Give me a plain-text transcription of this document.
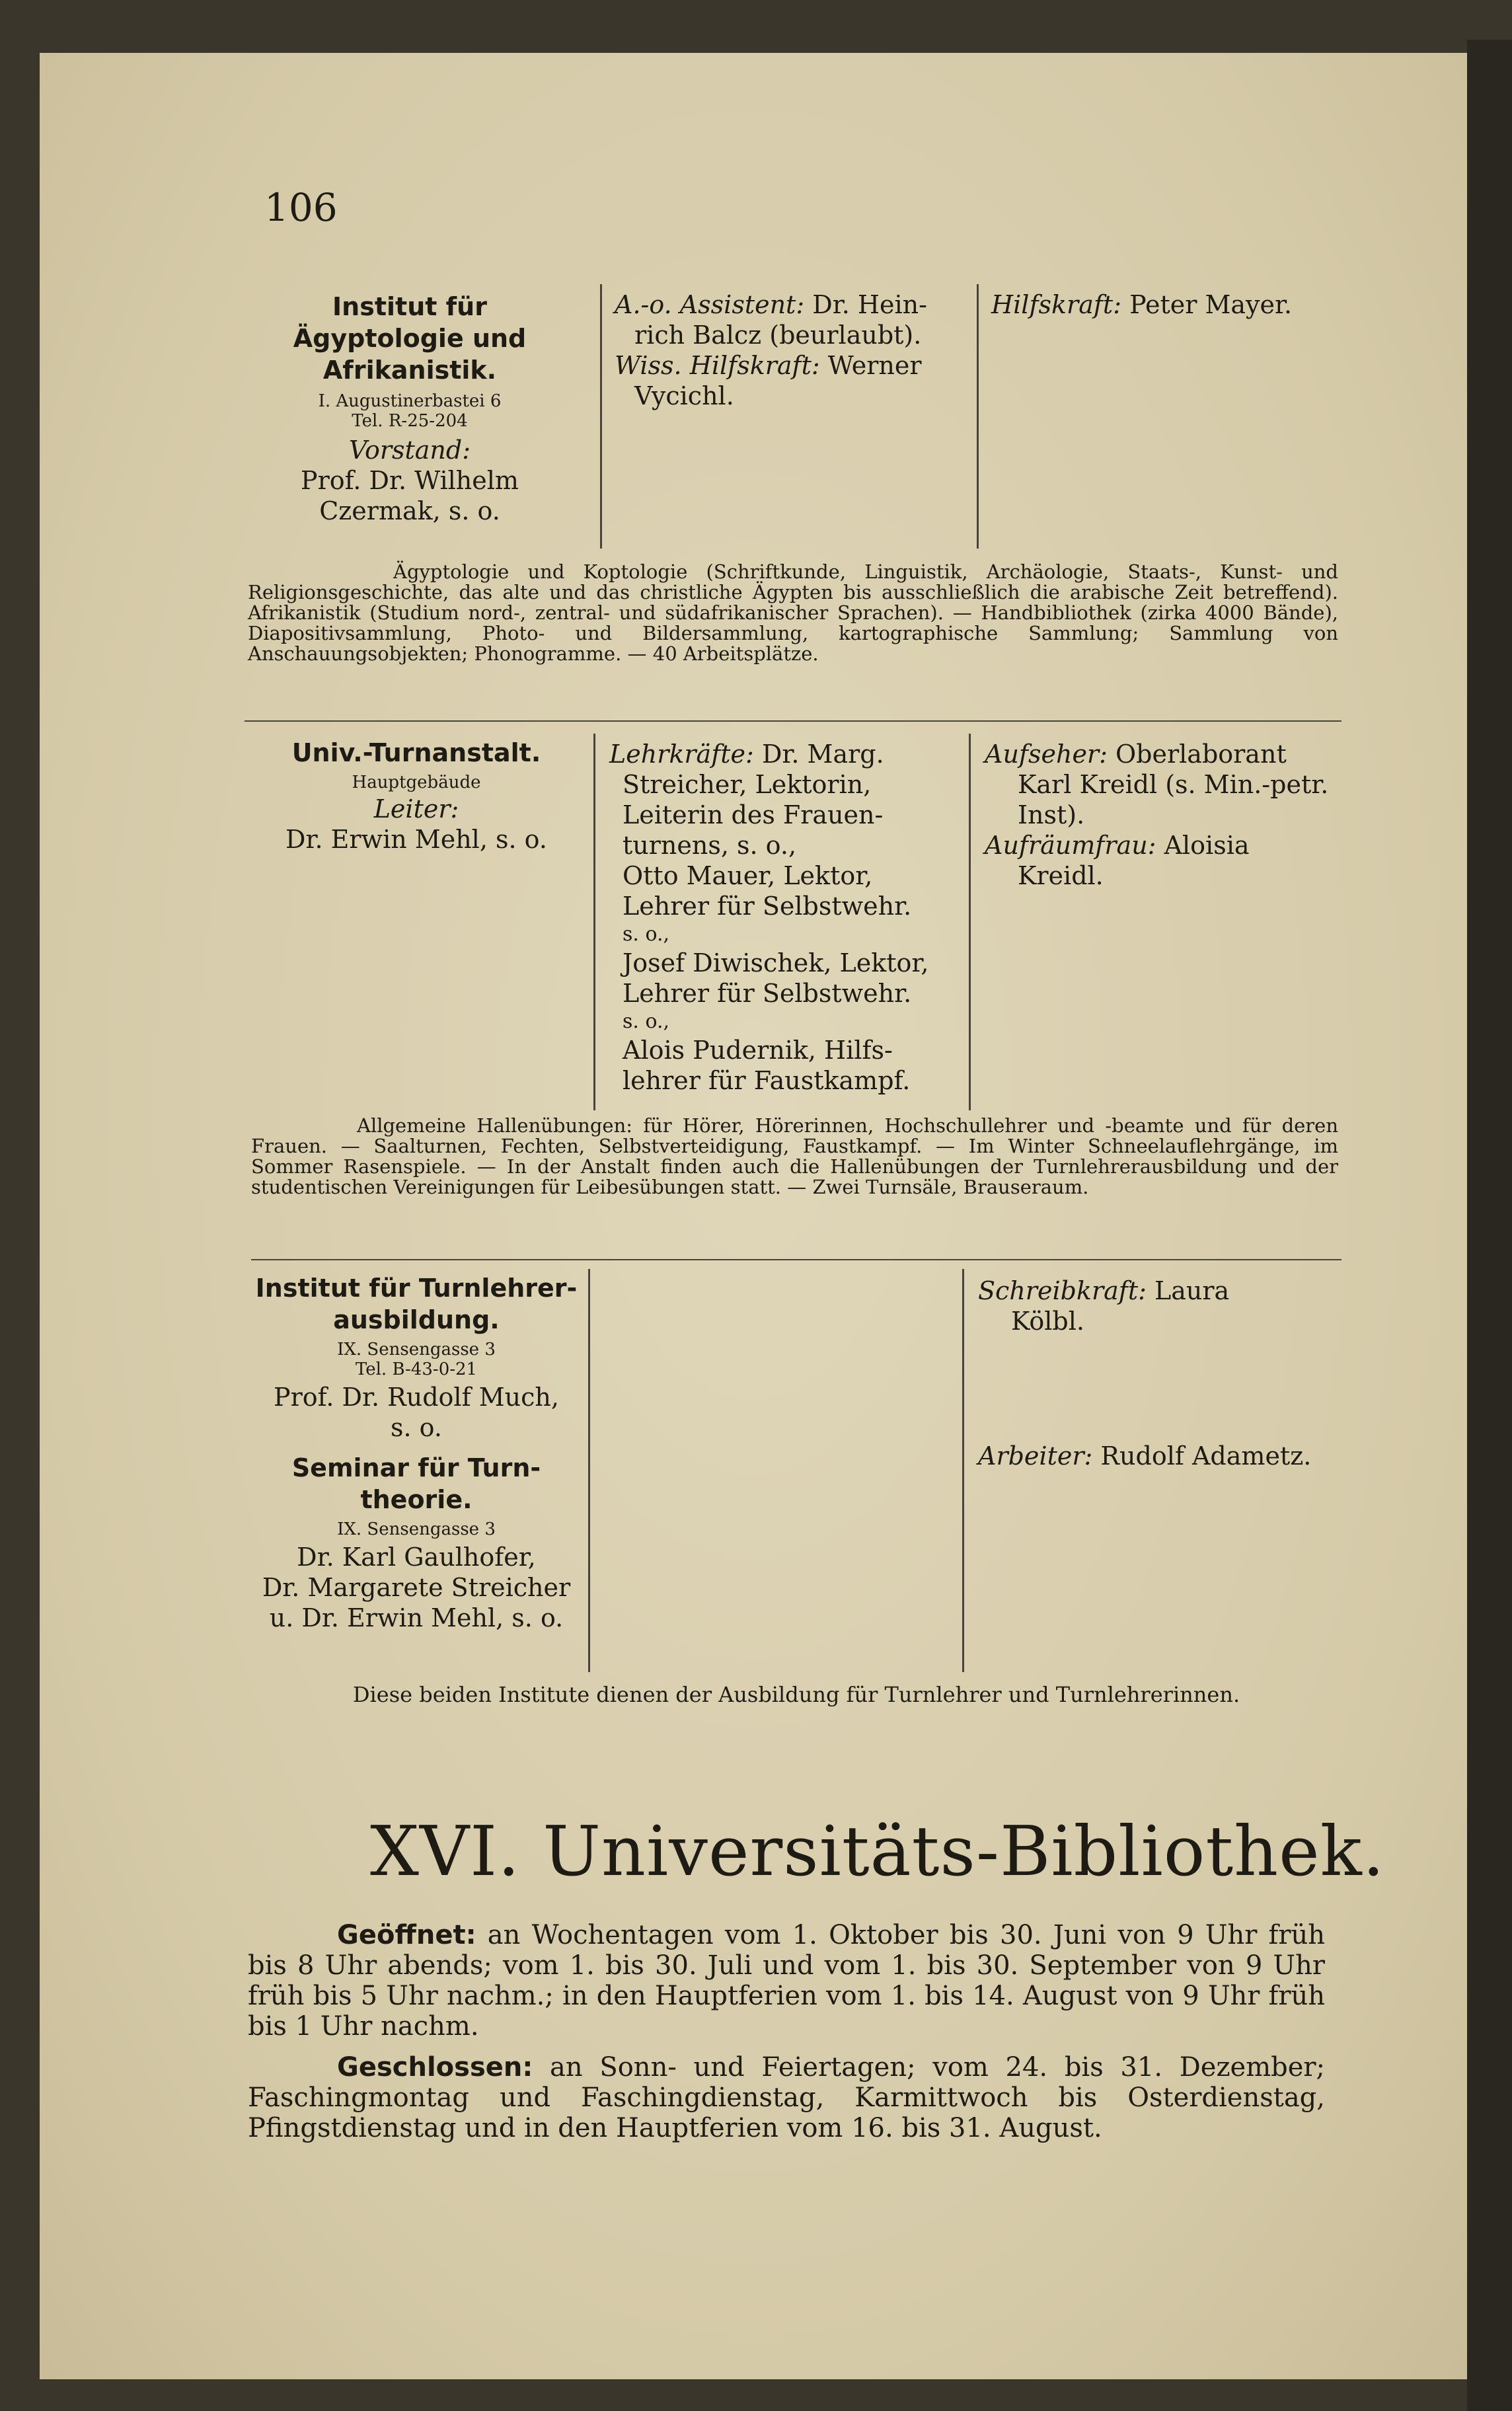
106
Institut für
Ägyptologie und
Afrikanistik.
I. Augustinerbastei 6
Tel. R-25-204
Vorstand:
Prof. Dr. Wilhelm
Czermak, s. o.
A.-o. Assistent: Dr. Hein-
rich Balcz (beurlaubt).
Wiss. Hilfskraft: Werner
Vycichl.
Hilfskraft: Peter Mayer.
Ägyptologie und Koptologie (Schriftkunde, Linguistik, Archäologie, Staats-, Kunst- und Religionsgeschichte, das alte und das christliche Ägypten bis ausschließlich die arabische Zeit betreffend). Afrikanistik (Studium nord-, zentral- und südafrikanischer Sprachen). — Handbibliothek (zirka 4000 Bände), Diapositivsammlung, Photo- und Bildersammlung, kartographische Sammlung; Sammlung von Anschauungsobjekten; Phonogramme. — 40 Arbeitsplätze.
Univ.-Turnanstalt.
Hauptgebäude
Leiter:
Dr. Erwin Mehl, s. o.
Lehrkräfte: Dr. Marg.
Streicher, Lektorin,
Leiterin des Frauen-
turnens, s. o.,
Otto Mauer, Lektor,
Lehrer für Selbstwehr.
s. o.,
Josef Diwischek, Lektor,
Lehrer für Selbstwehr.
s. o.,
Alois Pudernik, Hilfs-
lehrer für Faustkampf.
Aufseher: Oberlaborant
Karl Kreidl (s. Min.-petr.
Inst).
Aufräumfrau: Aloisia
Kreidl.
Allgemeine Hallenübungen: für Hörer, Hörerinnen, Hochschullehrer und -beamte und für deren Frauen. — Saalturnen, Fechten, Selbstverteidigung, Faustkampf. — Im Winter Schneelauflehrgänge, im Sommer Rasenspiele. — In der Anstalt finden auch die Hallenübungen der Turnlehrerausbildung und der studentischen Vereinigungen für Leibesübungen statt. — Zwei Turnsäle, Brauseraum.
Institut für Turnlehrer-
ausbildung.
IX. Sensengasse 3
Tel. B-43-0-21
Prof. Dr. Rudolf Much,
s. o.
Seminar für Turn-
theorie.
IX. Sensengasse 3
Dr. Karl Gaulhofer,
Dr. Margarete Streicher
u. Dr. Erwin Mehl, s. o.
Schreibkraft: Laura
Kölbl.
Arbeiter: Rudolf Adametz.
Diese beiden Institute dienen der Ausbildung für Turnlehrer und Turnlehrerinnen.
XVI. Universitäts-Bibliothek.
Geöffnet: an Wochentagen vom 1. Oktober bis 30. Juni von 9 Uhr früh bis 8 Uhr abends; vom 1. bis 30. Juli und vom 1. bis 30. September von 9 Uhr früh bis 5 Uhr nachm.; in den Hauptferien vom 1. bis 14. August von 9 Uhr früh bis 1 Uhr nachm.
Geschlossen: an Sonn- und Feiertagen; vom 24. bis 31. Dezember; Faschingmontag und Faschingdienstag, Karmittwoch bis Osterdienstag, Pfingstdienstag und in den Hauptferien vom 16. bis 31. August.
